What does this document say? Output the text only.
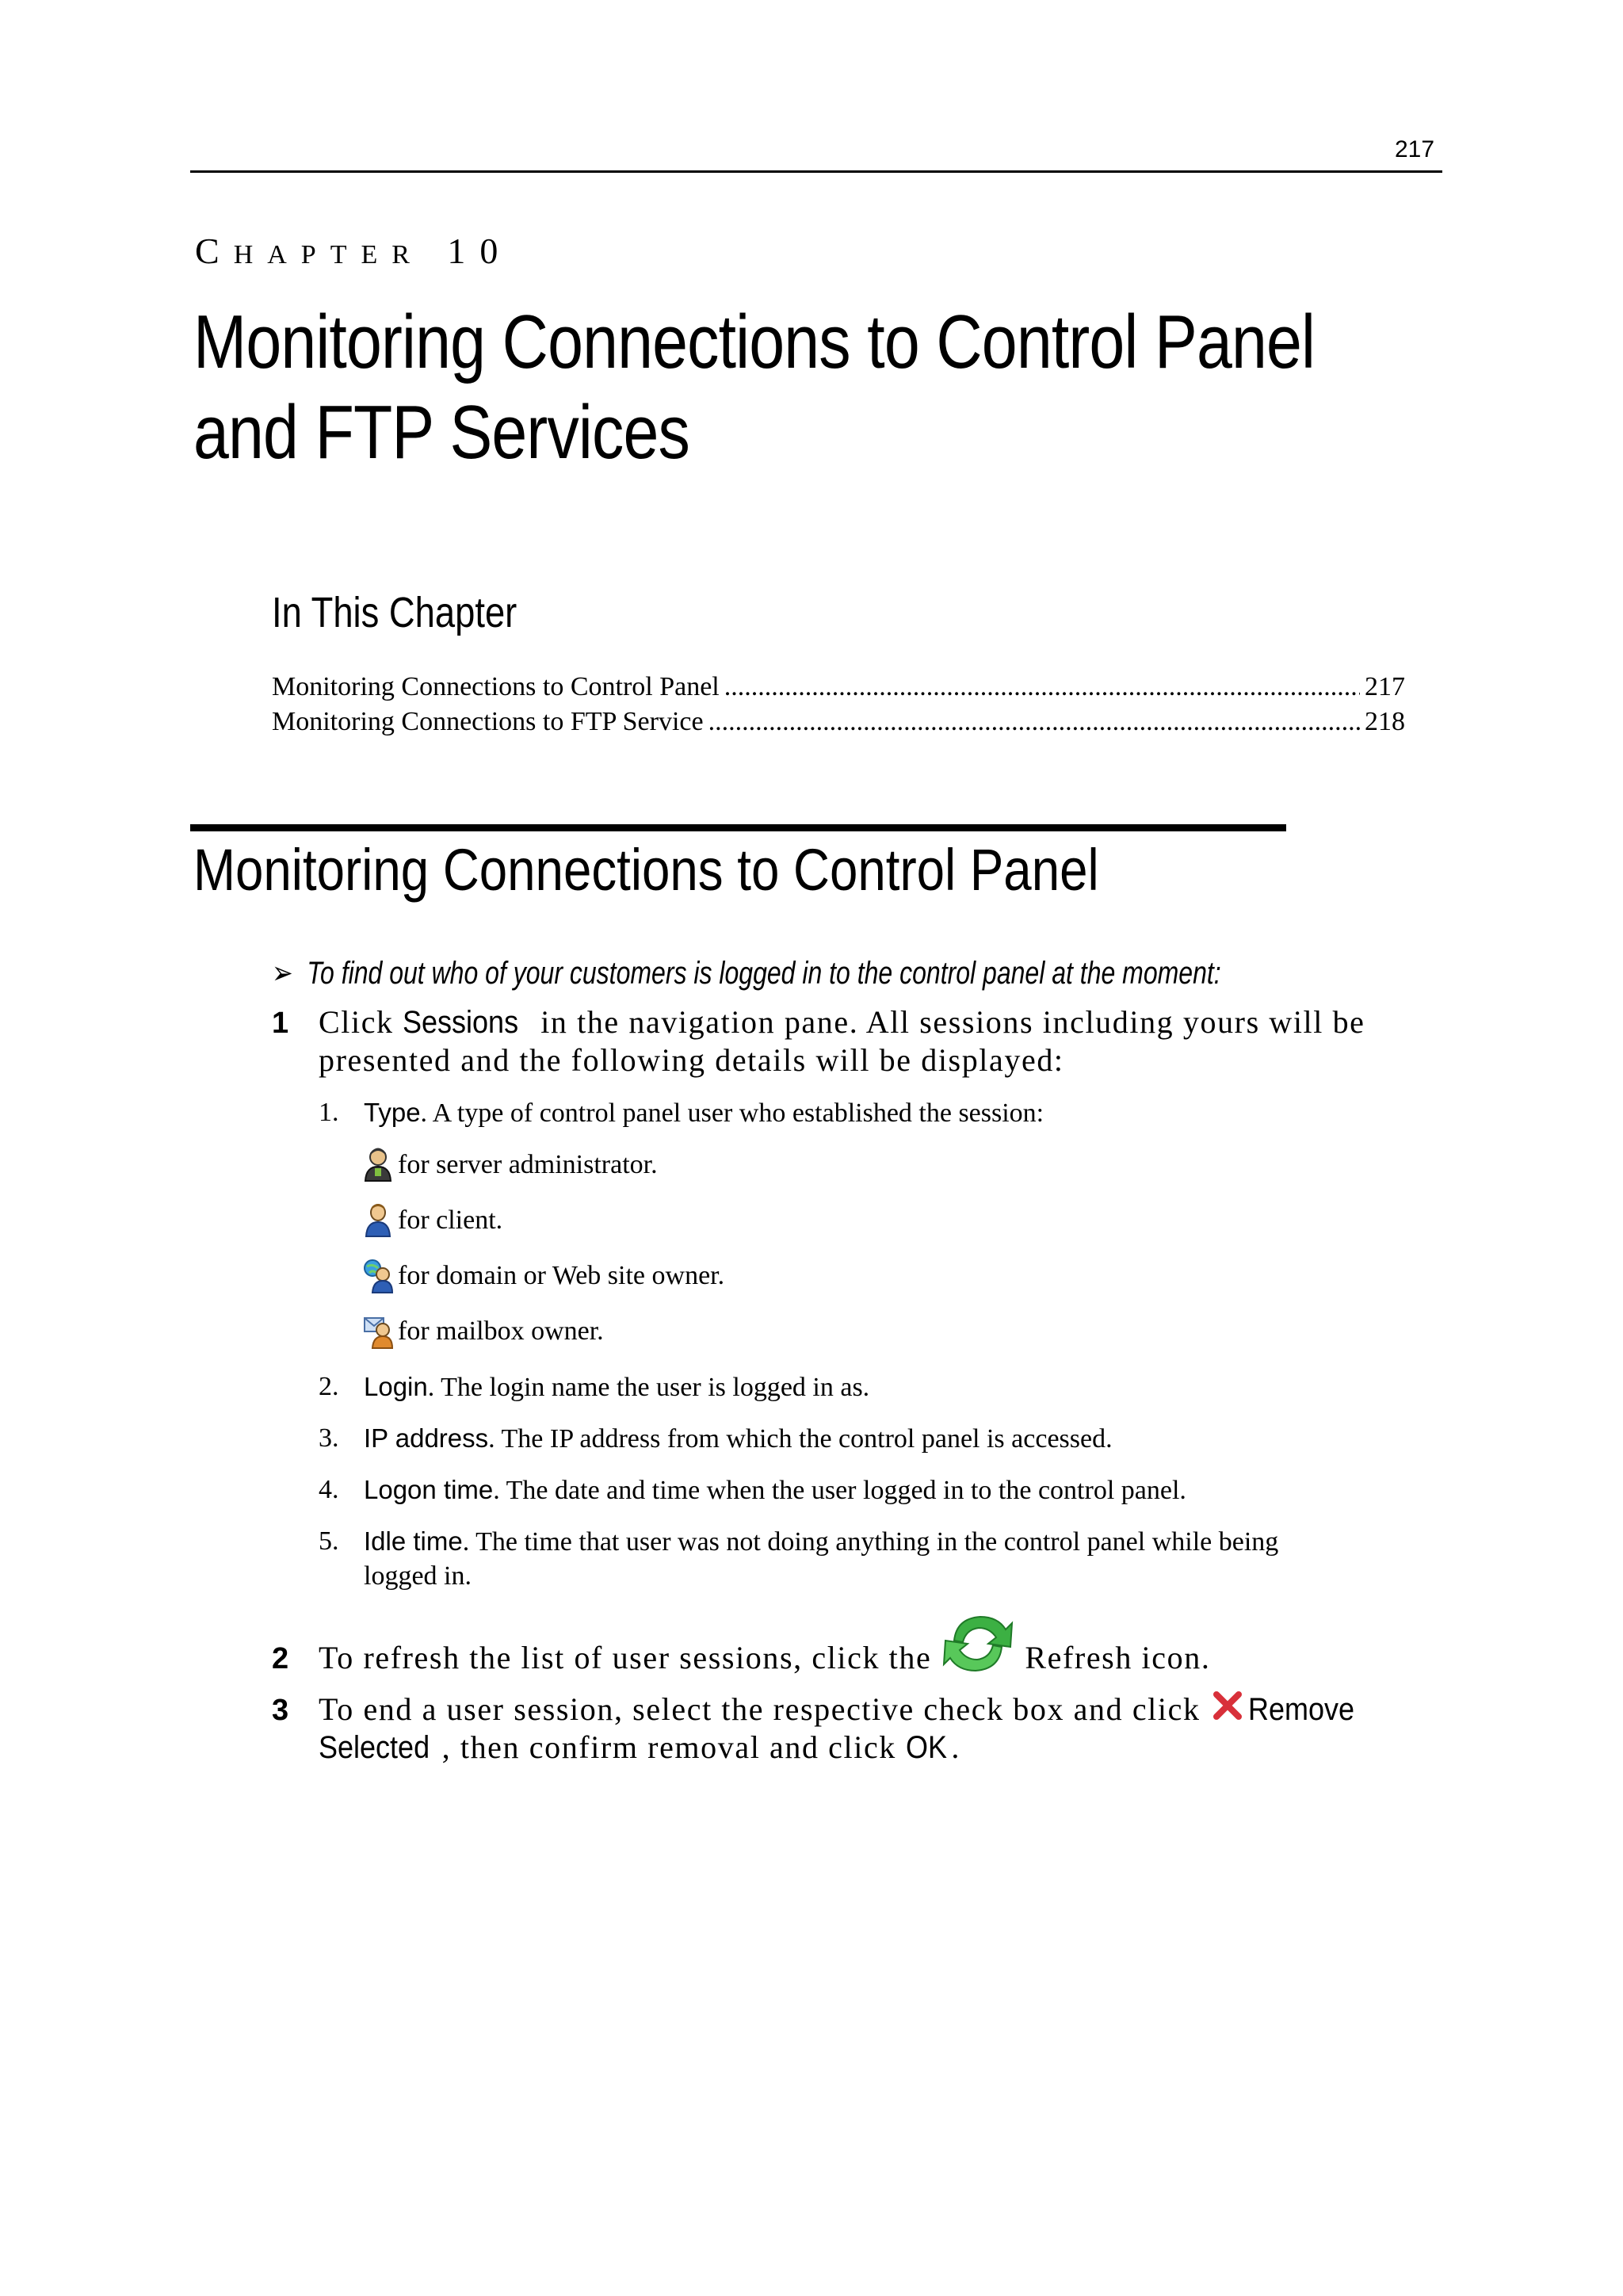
217
CHAPTER 10
Monitoring Connections to Control Panel
and FTP Services
In This Chapter
Monitoring Connections to Control Panel .....	217
Monitoring Connections to FTP Service .....	218
Monitoring Connections to Control Panel
➢ To find out who of your customers is logged in to the control panel at the moment:
1 Click Sessions in the navigation pane. All sessions including yours will be
presented and the following details will be displayed:
1. Type. A type of control panel user who established the session:
for server administrator.
for client.
for domain or Web site owner.
for mailbox owner.
2. Login. The login name the user is logged in as.
3. IP address. The IP address from which the control panel is accessed.
4. Logon time. The date and time when the user logged in to the control panel.
5. Idle time. The time that user was not doing anything in the control panel while being
logged in.
2 To refresh the list of user sessions, click the	Refresh icon.
3 To end a user session, select the respective check box and click Remove
Selected , then confirm removal and click OK .
